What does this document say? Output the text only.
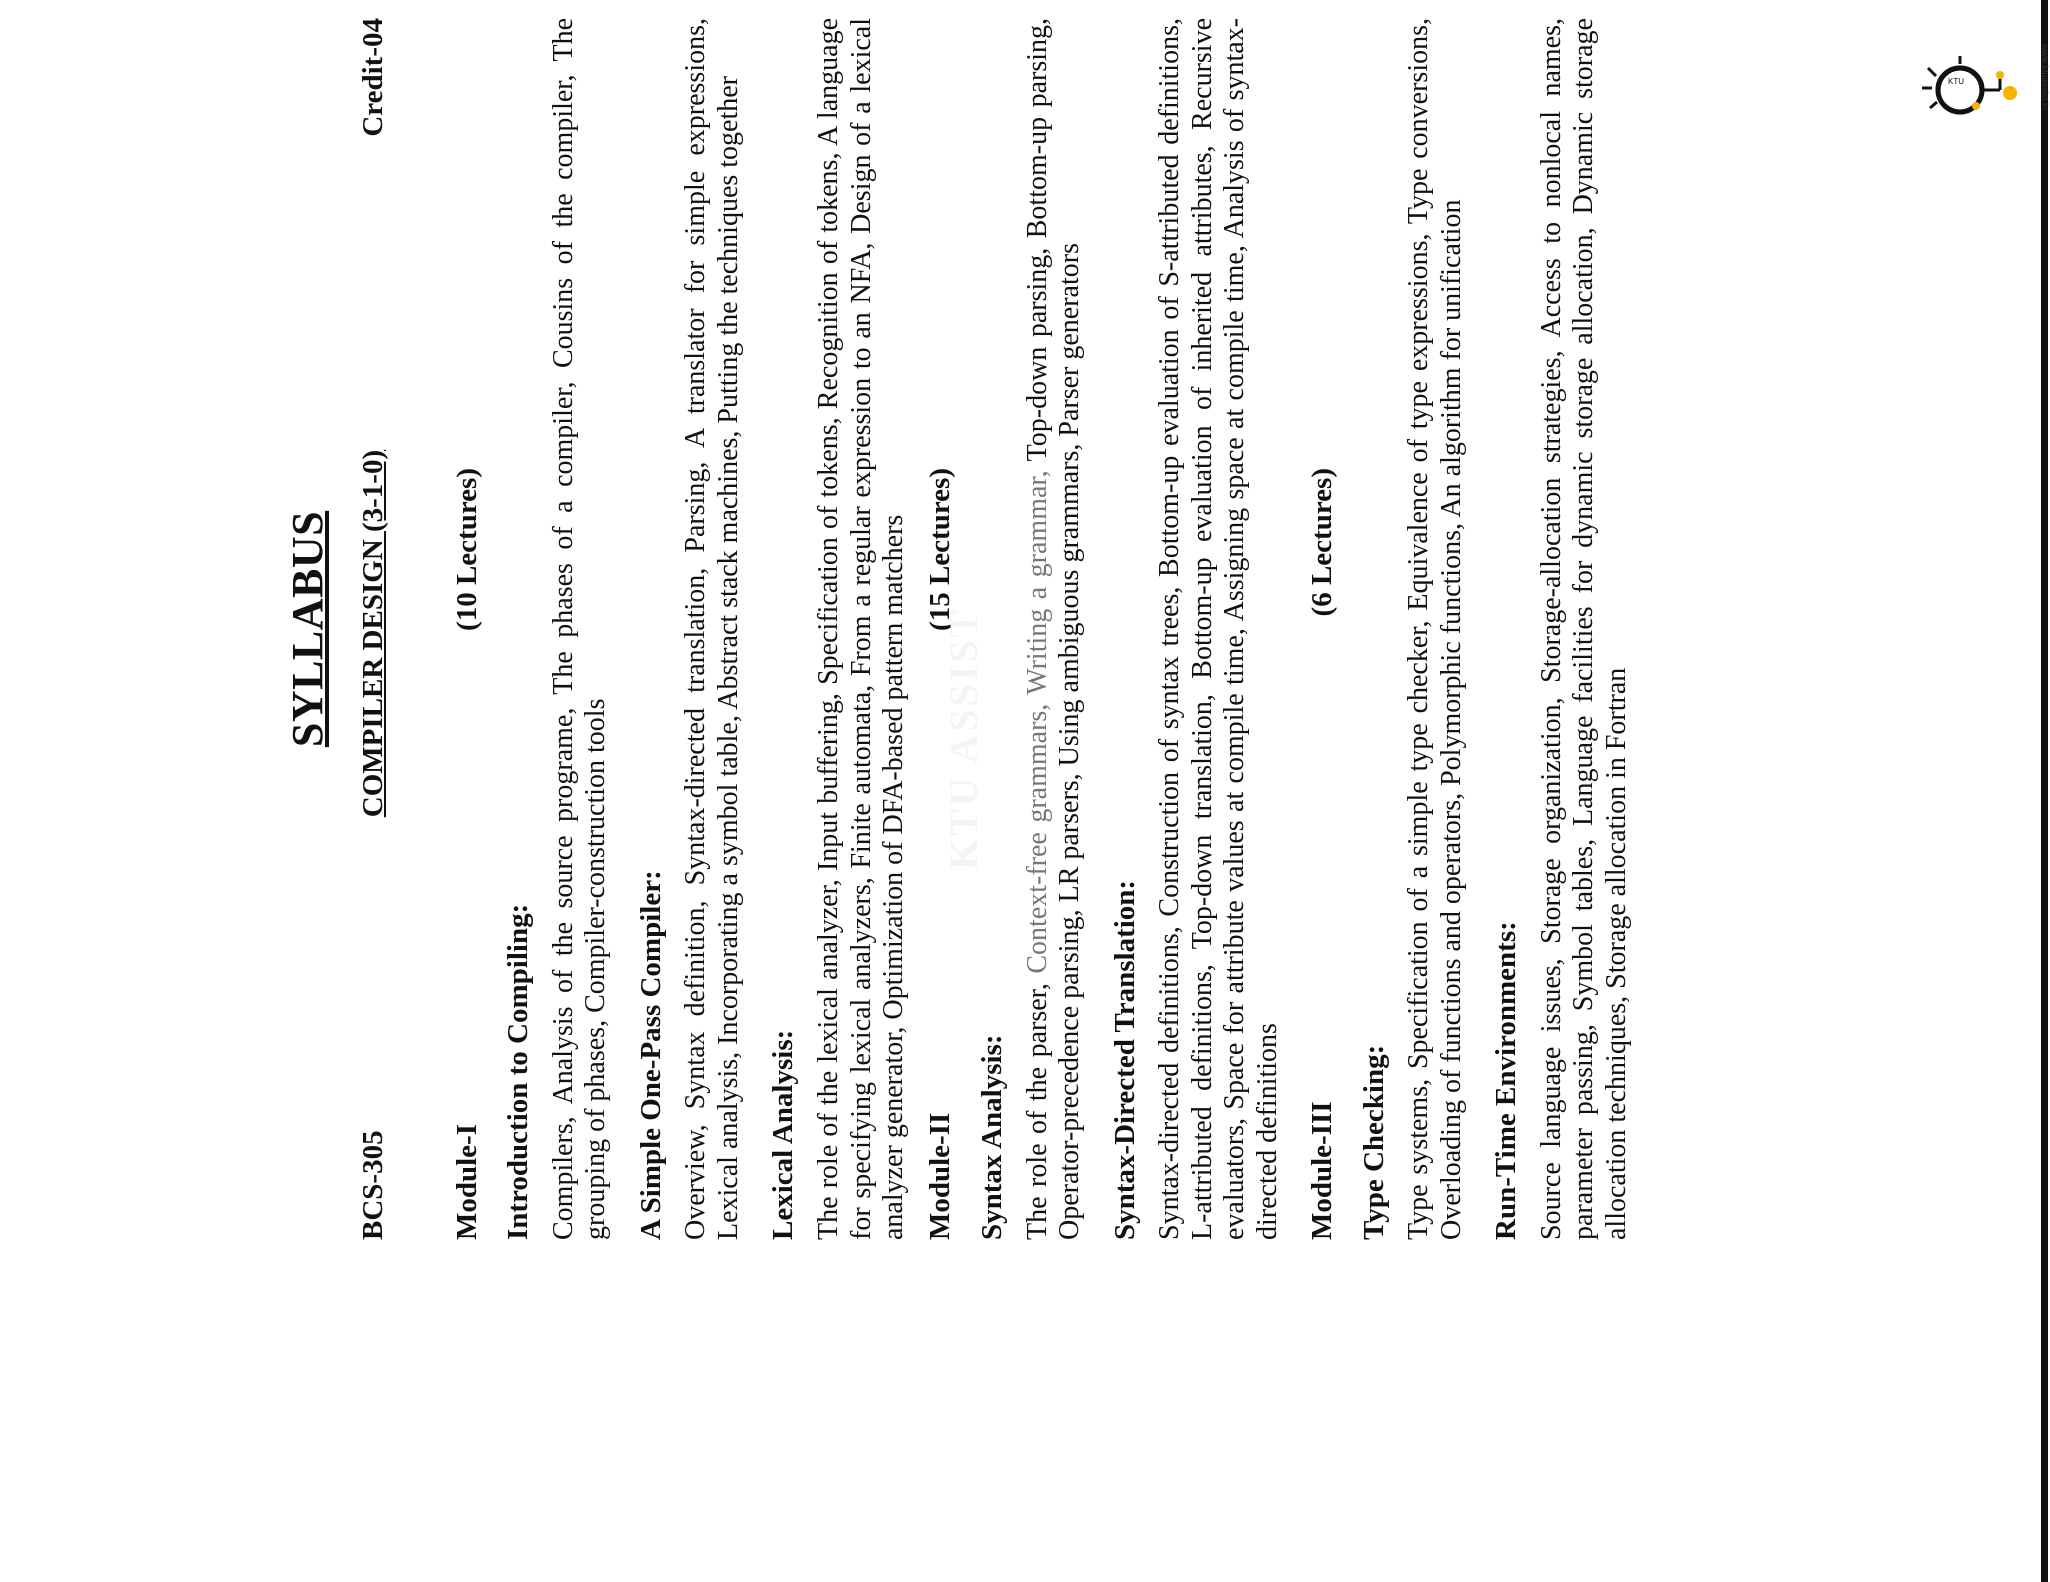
KTU	www.ktuassist.in
SYLLABUS
BCS-305
COMPILER DESIGN (3-1-0)
Credit-04
Module-I
(10 Lectures)
Introduction to Compiling: Compilers, Analysis of the source programe, The phases of a compiler, Cousins of the compiler, The grouping of phases, Compiler-construction tools A Simple One-Pass Compiler: Overview, Syntax definition, Syntax-directed translation, Parsing, A translator for simple expressions, Lexical analysis, Incorporating a symbol table, Abstract stack machines, Putting the techniques together Lexical Analysis: The role of the lexical analyzer, Input buffering, Specification of tokens, Recognition of tokens, A language for specifying lexical analyzers, Finite automata, From a regular expression to an NFA, Design of a lexical analyzer generator, Optimization of DFA-based pattern matchers Module-II
(15 Lectures)
Syntax Analysis: The role of the parser, Context-free grammars, Writing a grammar, Top-down parsing, Bottom-up parsing, Operator-precedence parsing, LR parsers, Using ambiguous grammars, Parser generators Syntax-Directed Translation: Syntax-directed definitions, Construction of syntax trees, Bottom-up evaluation of S-attributed definitions, L-attributed definitions, Top-down translation, Bottom-up evaluation of inherited attributes, Recursive evaluators, Space for attribute values at compile time, Assigning space at compile time, Analysis of syntax-directed definitions Module-III
(6 Lectures)
Type Checking: Type systems, Specification of a simple type checker, Equivalence of type expressions, Type conversions, Overloading of functions and operators, Polymorphic functions, An algorithm for unification Run-Time Environments: Source language issues, Storage organization, Storage-allocation strategies, Access to nonlocal names, parameter passing, Symbol tables, Language facilities for dynamic storage allocation, Dynamic storage allocation techniques, Storage allocation in Fortran
KTU ASSIST
